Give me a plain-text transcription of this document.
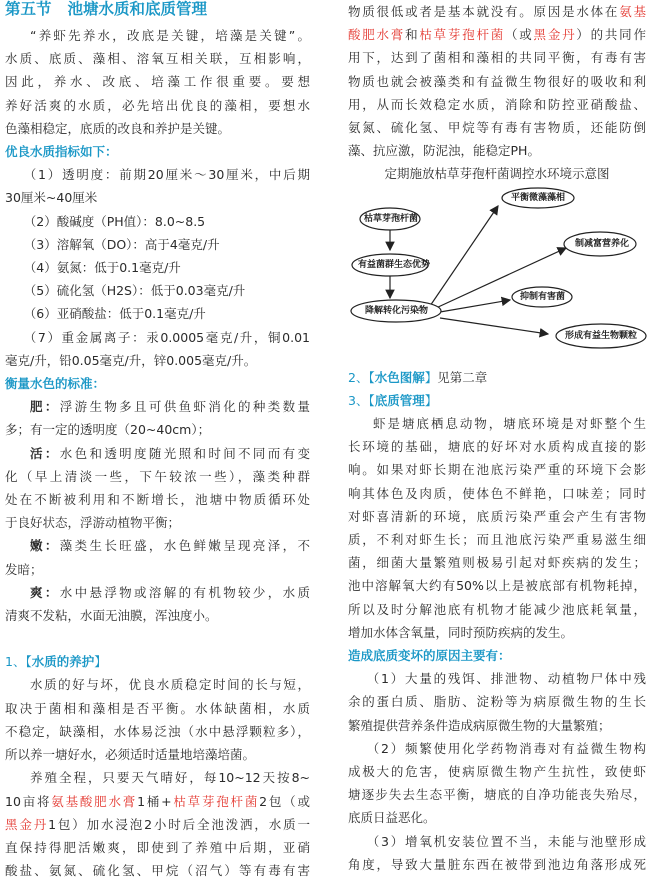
第五节 池塘水质和底质管理
“养虾先养水，改底是关键，培藻是关键”。
水质、底质、藻相、溶氧互相关联，互相影响，
因此，养水、改底、培藻工作很重要。要想
养好活爽的水质，必先培出优良的藻相，要想水
色藻相稳定，底质的改良和养护是关键。
优良水质指标如下：
（1）透明度：前期20厘米～30厘米，中后期
30厘米~40厘米
（2）酸碱度（PH值）：8.0~8.5
（3）溶解氧（DO）：高于4毫克/升
（4）氨氮：低于0.1毫克/升
（5）硫化氢（H2S）：低于0.03毫克/升
（6）亚硝酸盐：低于0.1毫克/升
（7）重金属离子：汞0.0005毫克/升，铜0.01
毫克/升，铅0.05毫克/升，锌0.005毫克/升。
衡量水色的标准：
肥：浮游生物多且可供鱼虾消化的种类数量
多；有一定的透明度（20~40cm）；
活：水色和透明度随光照和时间不同而有变
化（早上清淡一些，下午较浓一些），藻类种群
处在不断被利用和不断增长，池塘中物质循环处
于良好状态，浮游动植物平衡；
嫩：藻类生长旺盛，水色鲜嫩呈现亮泽，不
发暗；
爽：水中悬浮物或溶解的有机物较少，水质
清爽不发粘，水面无油膜，浑浊度小。
1、【水质的养护】
水质的好与坏，优良水质稳定时间的长与短，
取决于菌相和藻相是否平衡。水体缺菌相，水质
不稳定，缺藻相，水体易泛浊（水中悬浮颗粒多），
所以养一塘好水，必须适时适量地培藻培菌。
养殖全程，只要天气晴好，每10~12天按8~
10亩将氨基酸肥水膏1桶+枯草芽孢杆菌2包（或
黑金丹1包）加水浸泡2小时后全池泼洒，水质一
直保持得肥活嫩爽，即使到了养殖中后期，亚硝
酸盐、氨氮、硫化氢、甲烷（沼气）等有毒有害
物质很低或者是基本就没有。原因是水体在氨基
酸肥水膏和枯草芽孢杆菌（或黑金丹）的共同作
用下，达到了菌相和藻相的共同平衡，有毒有害
物质也就会被藻类和有益微生物很好的吸收和利
用，从而长效稳定水质，消除和防控亚硝酸盐、
氨氮、硫化氢、甲烷等有毒有害物质，还能防倒
藻、抗应激，防泥浊，能稳定PH。
定期施放枯草芽孢杆菌调控水环境示意图
枯草芽孢杆菌
有益菌群生态优势
降解转化污染物
平衡微藻藻相
制减富营养化
抑制有害菌
形成有益生物颗粒
2、【水色图解】见第二章
3、【底质管理】
虾是塘底栖息动物，塘底环境是对虾整个生
长环境的基础，塘底的好坏对水质构成直接的影
响。如果对虾长期在池底污染严重的环境下会影
响其体色及肉质，使体色不鲜艳，口味差；同时
对虾喜清新的环境，底质污染严重会产生有害物
质，不利对虾生长；而且池底污染严重易滋生细
菌，细菌大量繁殖则极易引起对虾疾病的发生；
池中溶解氧大约有50%以上是被底部有机物耗掉，
所以及时分解池底有机物才能减少池底耗氧量，
增加水体含氧量，同时预防疾病的发生。
造成底质变坏的原因主要有：
（1）大量的残饵、排泄物、动植物尸体中残
余的蛋白质、脂肪、淀粉等为病原微生物的生长
繁殖提供营养条件造成病原微生物的大量繁殖；
（2）频繁使用化学药物消毒对有益微生物构
成极大的危害，使病原微生物产生抗性，致使虾
塘逐步失去生态平衡，塘底的自净功能丧失殆尽，
底质日益恶化。
（3）增氧机安装位置不当，未能与池壁形成
角度，导致大量脏东西在被带到池边角落形成死
